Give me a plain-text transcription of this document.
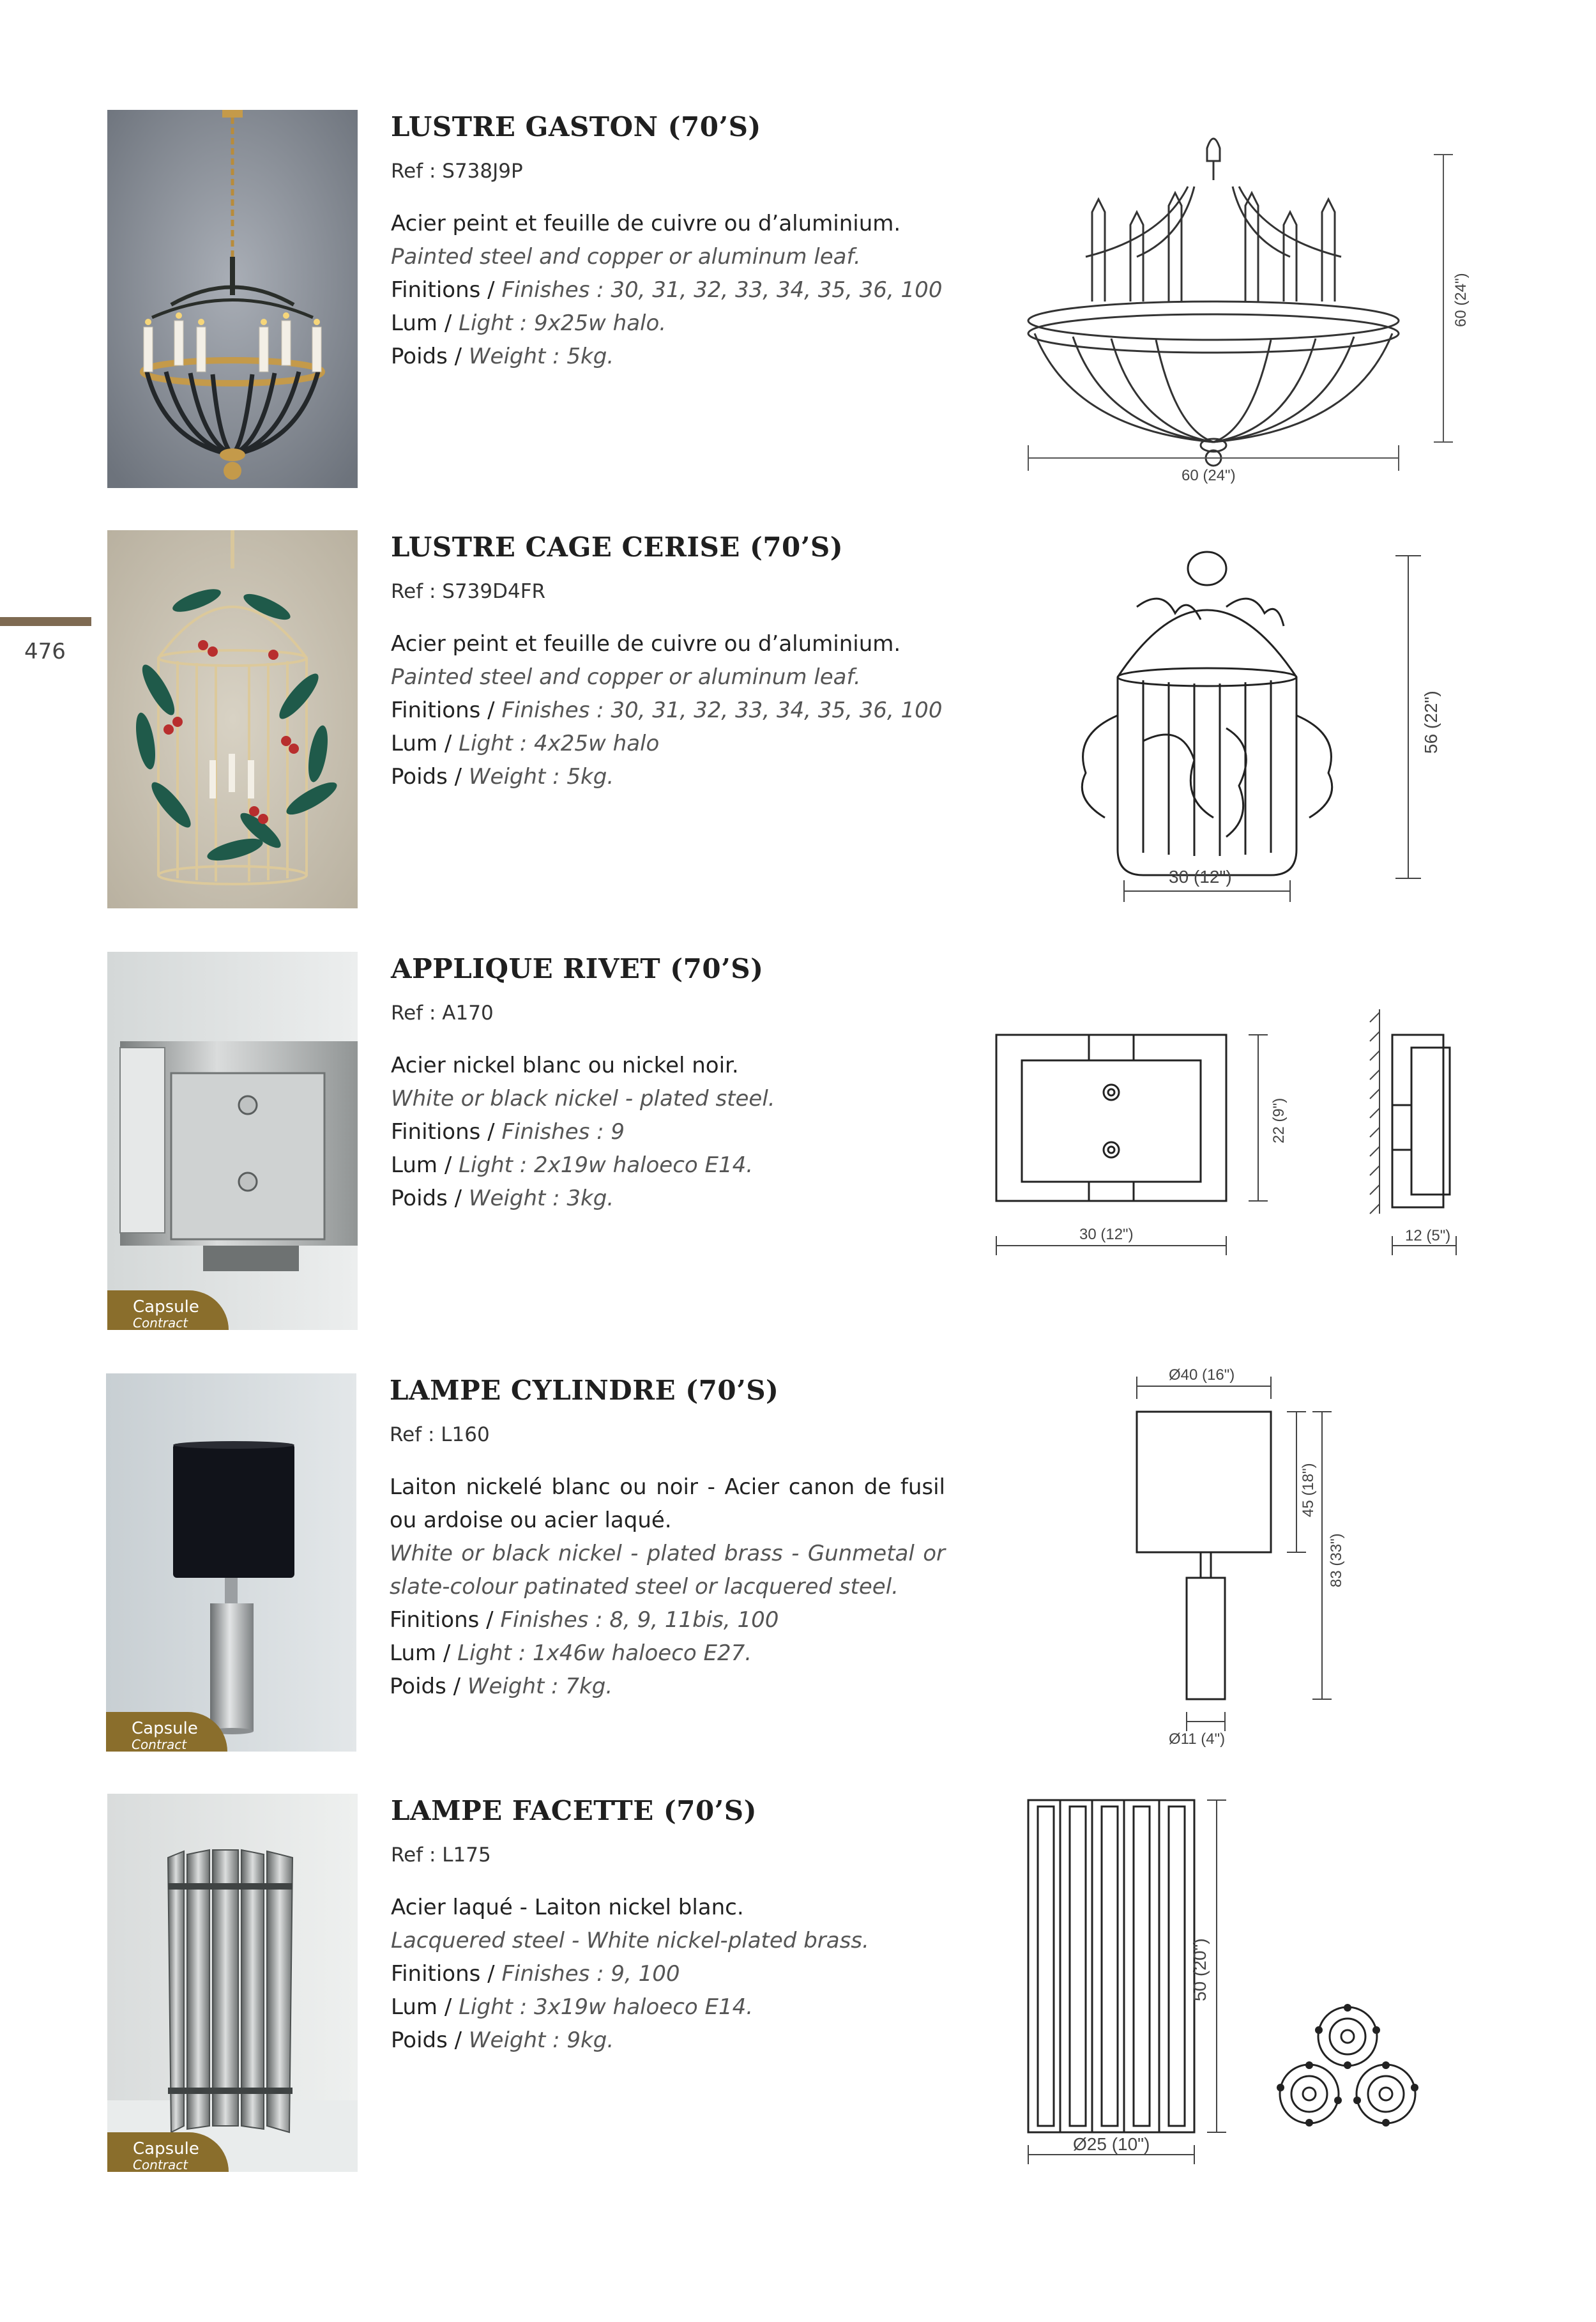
476
LUSTRE GASTON (70’S)
Ref : S738J9P

Acier peint et feuille de cuivre ou d’aluminium.

Painted steel and copper or aluminum leaf.

Finitions / Finishes : 30, 31, 32, 33, 34, 35, 36, 100

Lum / Light : 9x25w halo.

Poids / Weight : 5kg.

60 (24")
60 (24")
LUSTRE CAGE CERISE (70’S)
Ref : S739D4FR

Acier peint et feuille de cuivre ou d’aluminium.

Painted steel and copper or aluminum leaf.

Finitions / Finishes : 30, 31, 32, 33, 34, 35, 36, 100

Lum / Light : 4x25w halo

Poids / Weight : 5kg.

30 (12")
56 (22")
Capsule
Contract
APPLIQUE RIVET (70’S)
Ref : A170

Acier nickel blanc ou nickel noir.

White or black nickel - plated steel.

Finitions / Finishes : 9

Lum / Light : 2x19w haloeco E14.

Poids / Weight : 3kg.

30 (12")
22 (9")
12 (5")
Capsule
Contract
LAMPE CYLINDRE (70’S)
Ref : L160

Laiton nickelé blanc ou noir - Acier canon de fusil ou ardoise ou acier laqué.

White or black nickel - plated brass - Gunmetal or slate-colour patinated steel or lacquered steel.

Finitions / Finishes : 8, 9, 11bis, 100

Lum / Light : 1x46w haloeco E27.

Poids / Weight : 7kg.

Ø40 (16")
45 (18")
83 (33")
Ø11 (4")
Capsule
Contract
LAMPE FACETTE (70’S)
Ref : L175

Acier laqué - Laiton nickel blanc.

Lacquered steel - White nickel-plated brass.

Finitions / Finishes : 9, 100

Lum / Light : 3x19w haloeco E14.

Poids / Weight : 9kg.

Ø25 (10")
50 (20")
